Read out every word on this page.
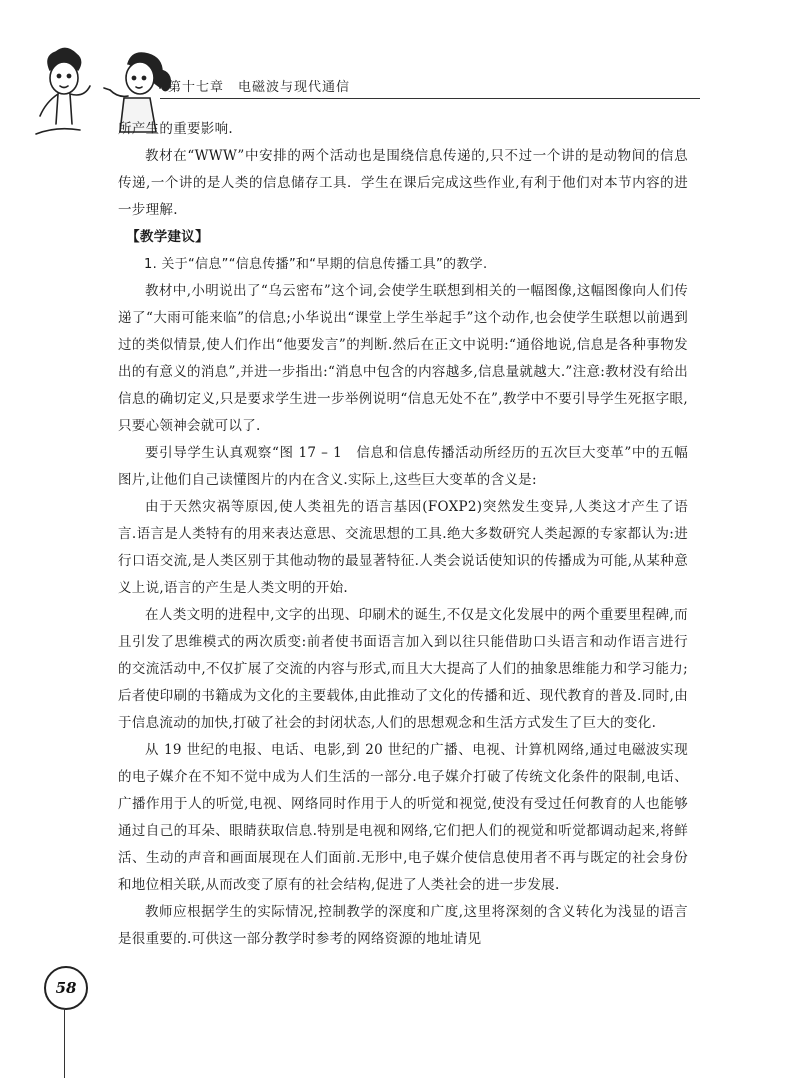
第十七章　电磁波与现代通信

所产生的重要影响.

教材在“WWW”中安排的两个活动也是围绕信息传递的,只不过一个讲的是动物间的信息传递,一个讲的是人类的信息储存工具．学生在课后完成这些作业,有利于他们对本节内容的进一步理解.

【教学建议】

1. 关于“信息”“信息传播”和“早期的信息传播工具”的教学.

教材中,小明说出了“乌云密布”这个词,会使学生联想到相关的一幅图像,这幅图像向人们传递了“大雨可能来临”的信息;小华说出“课堂上学生举起手”这个动作,也会使学生联想以前遇到过的类似情景,使人们作出“他要发言”的判断.然后在正文中说明:“通俗地说,信息是各种事物发出的有意义的消息”,并进一步指出:“消息中包含的内容越多,信息量就越大.”注意:教材没有给出信息的确切定义,只是要求学生进一步举例说明“信息无处不在”,教学中不要引导学生死抠字眼,只要心领神会就可以了.

要引导学生认真观察“图 17 – 1　信息和信息传播活动所经历的五次巨大变革”中的五幅图片,让他们自己读懂图片的内在含义.实际上,这些巨大变革的含义是:

由于天然灾祸等原因,使人类祖先的语言基因(FOXP2)突然发生变异,人类这才产生了语言.语言是人类特有的用来表达意思、交流思想的工具.绝大多数研究人类起源的专家都认为:进行口语交流,是人类区别于其他动物的最显著特征.人类会说话使知识的传播成为可能,从某种意义上说,语言的产生是人类文明的开始.

在人类文明的进程中,文字的出现、印刷术的诞生,不仅是文化发展中的两个重要里程碑,而且引发了思维模式的两次质变:前者使书面语言加入到以往只能借助口头语言和动作语言进行的交流活动中,不仅扩展了交流的内容与形式,而且大大提高了人们的抽象思维能力和学习能力;后者使印刷的书籍成为文化的主要载体,由此推动了文化的传播和近、现代教育的普及.同时,由于信息流动的加快,打破了社会的封闭状态,人们的思想观念和生活方式发生了巨大的变化.

从 19 世纪的电报、电话、电影,到 20 世纪的广播、电视、计算机网络,通过电磁波实现的电子媒介在不知不觉中成为人们生活的一部分.电子媒介打破了传统文化条件的限制,电话、广播作用于人的听觉,电视、网络同时作用于人的听觉和视觉,使没有受过任何教育的人也能够通过自己的耳朵、眼睛获取信息.特别是电视和网络,它们把人们的视觉和听觉都调动起来,将鲜活、生动的声音和画面展现在人们面前.无形中,电子媒介使信息使用者不再与既定的社会身份和地位相关联,从而改变了原有的社会结构,促进了人类社会的进一步发展.

教师应根据学生的实际情况,控制教学的深度和广度,这里将深刻的含义转化为浅显的语言是很重要的.可供这一部分教学时参考的网络资源的地址请见

58
